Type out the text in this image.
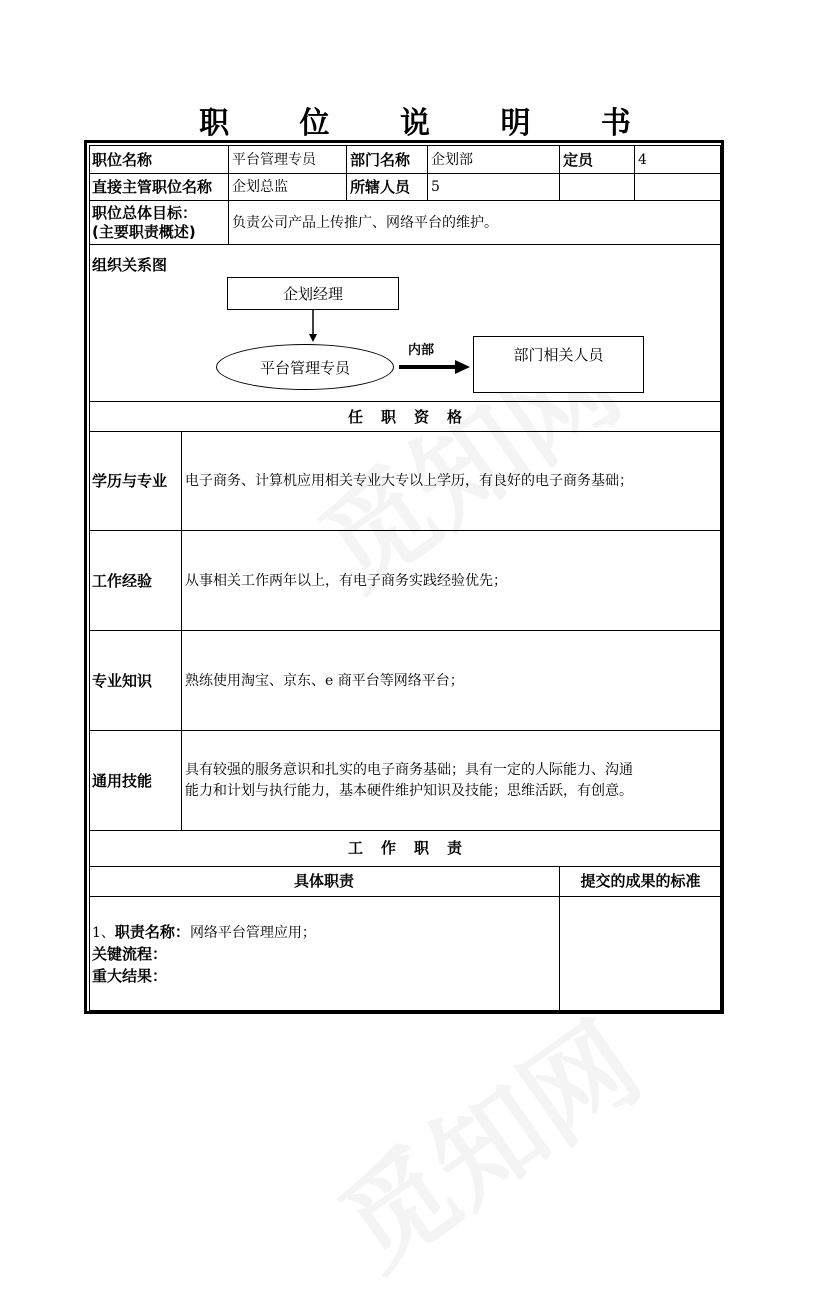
职 位 说 明 书
职位名称	平台管理专员 部门名称 企划部	定员	4
直接主管职位名称 企划总监	所辖人员 5
职位总体目标：
(主要职责概述)	负责公司产品上传推广、网络平台的维护。
组织关系图
企划经理
平台管理专员
内部	部门相关人员
任职资格
学历与专业 电子商务、计算机应用相关专业大专以上学历，有良好的电子商务基础；
工作经验 从事相关工作两年以上，有电子商务实践经验优先；
专业知识 熟练使用淘宝、京东、e 商平台等网络平台；
通用技能
具有较强的服务意识和扎实的电子商务基础；具有一定的人际能力、沟通
能力和计划与执行能力，基本硬件维护知识及技能；思维活跃，有创意。
工作职责
具体职责	提交的成果的标准
1、职责名称：网络平台管理应用；
关键流程：
重大结果：
